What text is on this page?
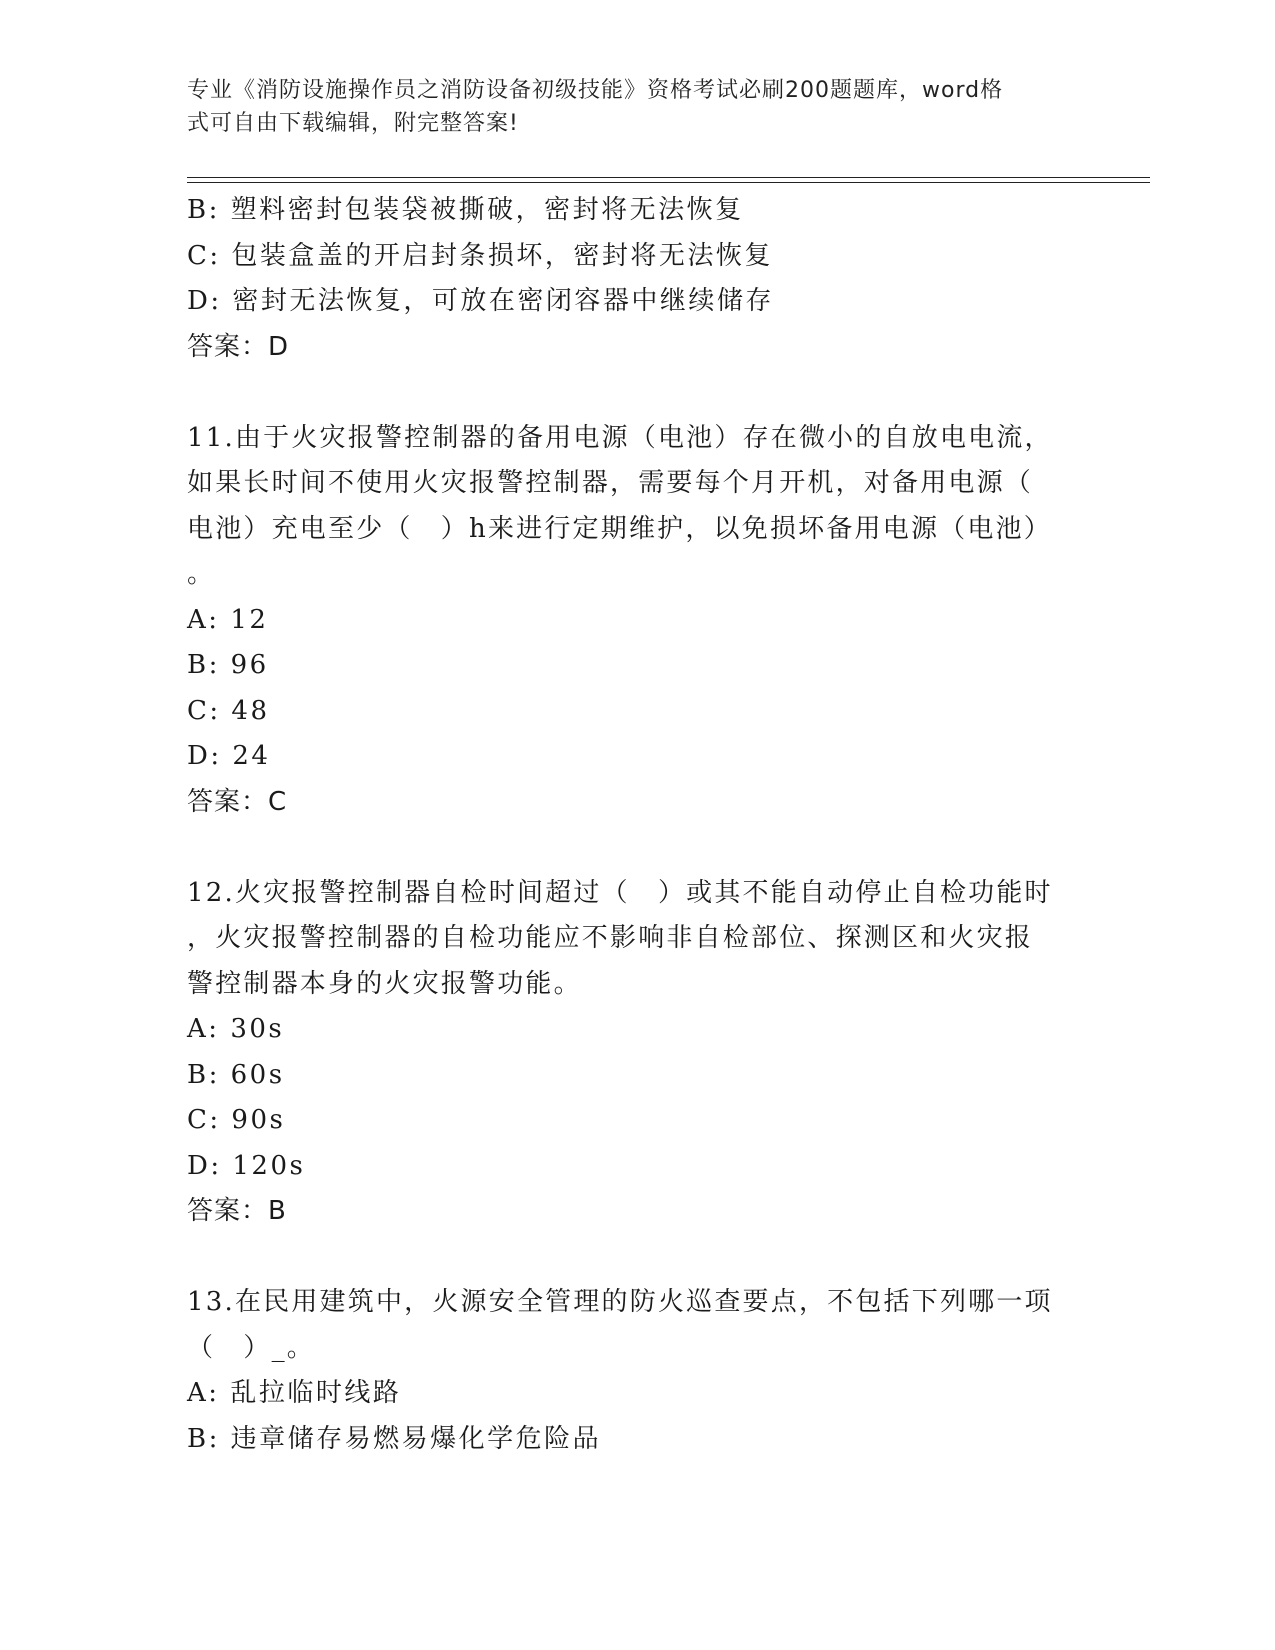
专业《消防设施操作员之消防设备初级技能》资格考试必刷200题题库，word格
式可自由下载编辑，附完整答案!
B: 塑料密封包装袋被撕破，密封将无法恢复
C: 包装盒盖的开启封条损坏，密封将无法恢复
D: 密封无法恢复，可放在密闭容器中继续储存
答案：D
11.由于火灾报警控制器的备用电源（电池）存在微小的自放电电流，
如果长时间不使用火灾报警控制器，需要每个月开机，对备用电源（
电池）充电至少（　）h来进行定期维护，以免损坏备用电源（电池）
。
A: 12
B: 96
C: 48
D: 24
答案：C
12.火灾报警控制器自检时间超过（　）或其不能自动停止自检功能时
，火灾报警控制器的自检功能应不影响非自检部位、探测区和火灾报
警控制器本身的火灾报警功能。
A: 30s
B: 60s
C: 90s
D: 120s
答案：B
13.在民用建筑中，火源安全管理的防火巡查要点，不包括下列哪一项
（　）_。
A: 乱拉临时线路
B: 违章储存易燃易爆化学危险品
